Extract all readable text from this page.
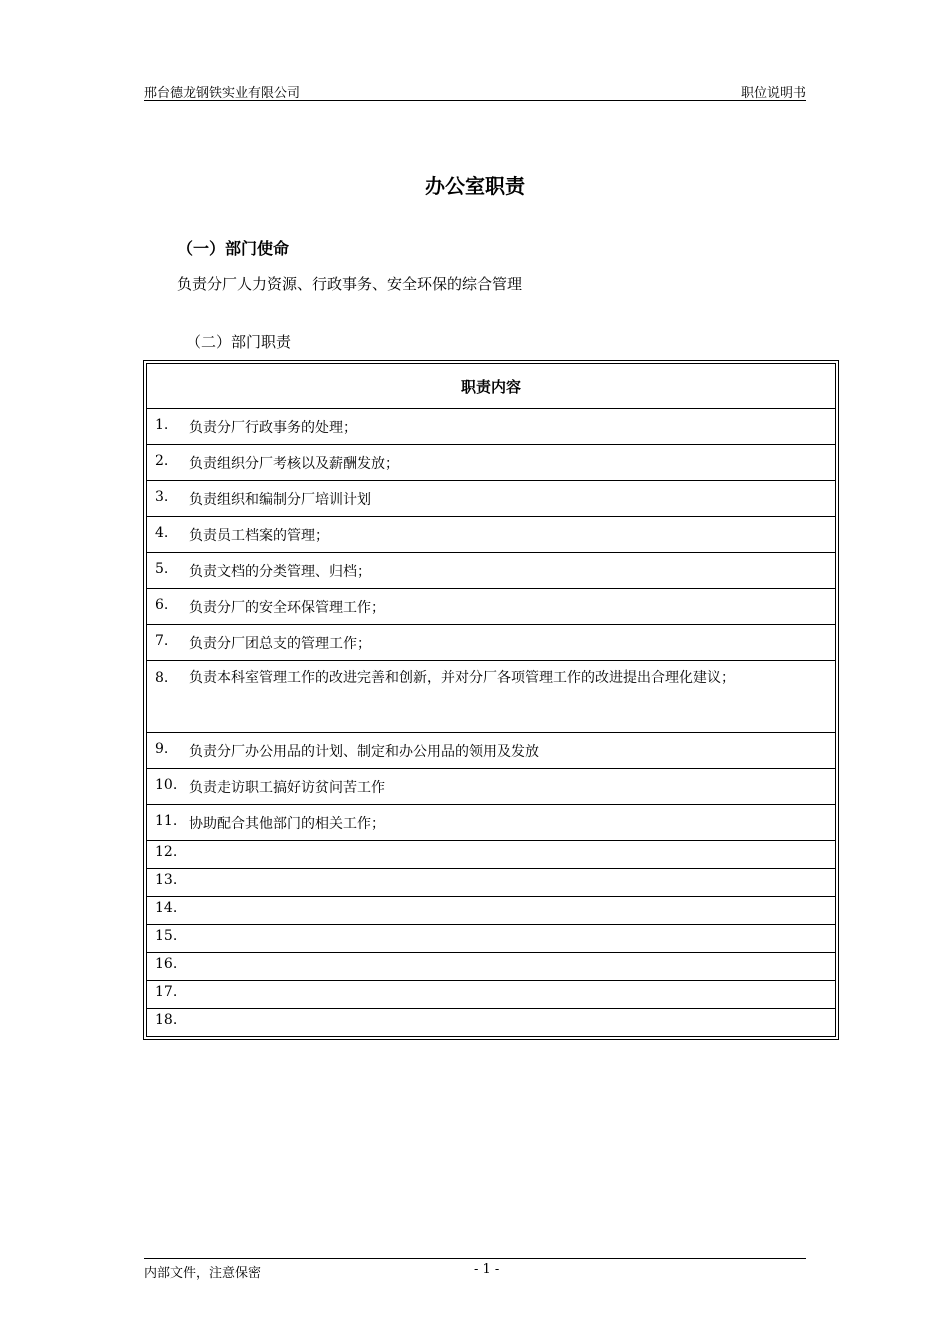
邢台德龙钢铁实业有限公司	职位说明书
办公室职责
（一）部门使命
负责分厂人力资源、行政事务、安全环保的综合管理
（二）部门职责
职责内容

1.	负责分厂行政事务的处理；

2.	负责组织分厂考核以及薪酬发放；

3.	负责组织和编制分厂培训计划

4.	负责员工档案的管理；

5.	负责文档的分类管理、归档；

6.	负责分厂的安全环保管理工作；

7.	负责分厂团总支的管理工作；

8.	负责本科室管理工作的改进完善和创新，并对分厂各项管理工作的改进提出合理化建议；

9.	负责分厂办公用品的计划、制定和办公用品的领用及发放

10. 负责走访职工搞好访贫问苦工作

11. 协助配合其他部门的相关工作；

12.

13.

14.

15.

16.

17.

18.
内部文件，注意保密	- 1 -
